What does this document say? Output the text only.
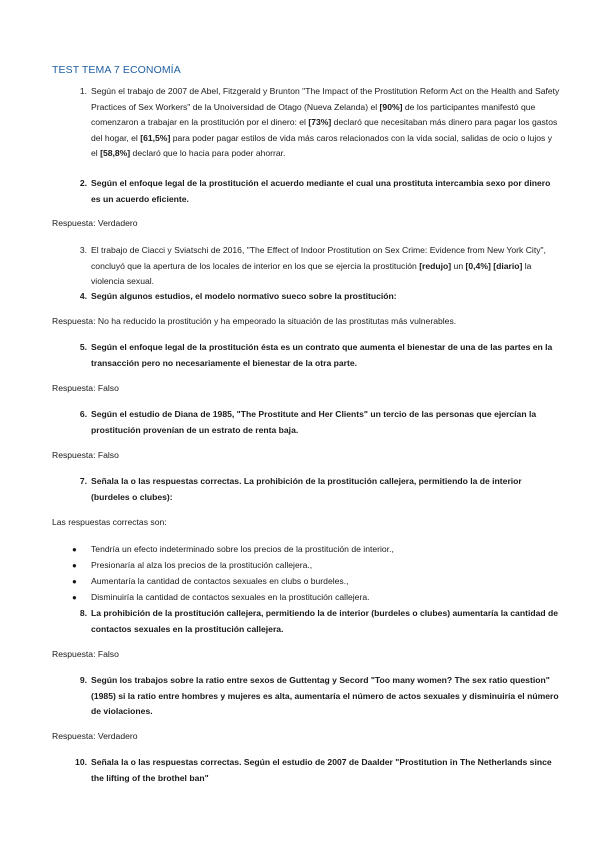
TEST TEMA 7 ECONOMÍA

1. Según el trabajo de 2007 de Abel, Fitzgerald y Brunton "The Impact of the Prostitution Reform Act on the Health and Safety Practices of Sex Workers" de la Unoiversidad de Otago (Nueva Zelanda) el [90%] de los participantes manifestó que comenzaron a trabajar en la prostitución por el dinero: el [73%] declaró que necesitaban más dinero para pagar los gastos del hogar, el [61,5%] para poder pagar estilos de vida más caros relacionados con la vida social, salidas de ocio o lujos y el [58,8%] declaró que lo hacia para poder ahorrar.

2. Según el enfoque legal de la prostitución el acuerdo mediante el cual una prostituta intercambia sexo por dinero es un acuerdo eficiente.

Respuesta: Verdadero

3. El trabajo de Ciacci y Sviatschi de 2016, "The Effect of Indoor Prostitution on Sex Crime: Evidence from New York City", concluyó que la apertura de los locales de interior en los que se ejercia la prostitución [redujo] un [0,4%] [diario] la violencia sexual.

4. Según algunos estudios, el modelo normativo sueco sobre la prostitución:

Respuesta: No ha reducido la prostitución y ha empeorado la situación de las prostitutas más vulnerables.

5. Según el enfoque legal de la prostitución ésta es un contrato que aumenta el bienestar de una de las partes en la transacción pero no necesariamente el bienestar de la otra parte.

Respuesta: Falso

6. Según el estudio de Diana de 1985, "The Prostitute and Her Clients" un tercio de las personas que ejercían la prostitución provenían de un estrato de renta baja.

Respuesta: Falso

7. Señala la o las respuestas correctas. La prohibición de la prostitución callejera, permitiendo la de interior (burdeles o clubes):

Las respuestas correctas son:

● Tendría un efecto indeterminado sobre los precios de la prostitución de interior.,

● Presionaría al alza los precios de la prostitución callejera.,

● Aumentaría la cantidad de contactos sexuales en clubs o burdeles.,

● Disminuiría la cantidad de contactos sexuales en la prostitución callejera.

8. La prohibición de la prostitución callejera, permitiendo la de interior (burdeles o clubes) aumentaría la cantidad de contactos sexuales en la prostitución callejera.

Respuesta: Falso

9. Según los trabajos sobre la ratio entre sexos de Guttentag y Secord "Too many women? The sex ratio question" (1985) si la ratio entre hombres y mujeres es alta, aumentaría el número de actos sexuales y disminuiría el número de violaciones.

Respuesta: Verdadero

10. Señala la o las respuestas correctas. Según el estudio de 2007 de Daalder "Prostitution in The Netherlands since the lifting of the brothel ban"
